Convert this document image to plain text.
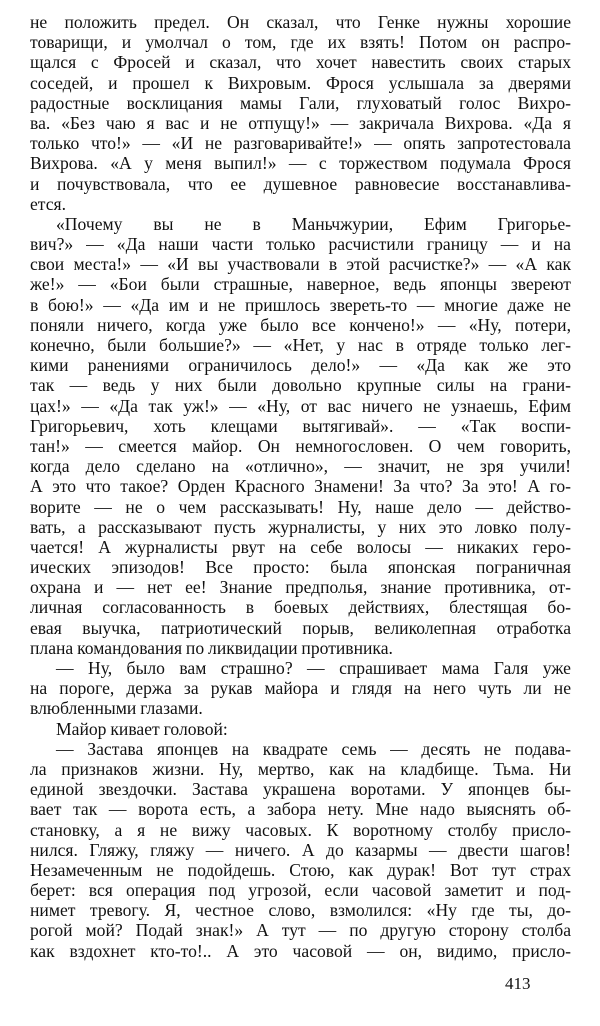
не положить предел. Он сказал, что Генке нужны хорошие
товарищи, и умолчал о том, где их взять! Потом он распро-
щался с Фросей и сказал, что хочет навестить своих старых
соседей, и прошел к Вихровым. Фрося услышала за дверями
радостные восклицания мамы Гали, глуховатый голос Вихро-
ва. «Без чаю я вас и не отпущу!» — закричала Вихрова. «Да я
только что!» — «И не разговаривайте!» — опять запротестовала
Вихрова. «А у меня выпил!» — с торжеством подумала Фрося
и почувствовала, что ее душевное равновесие восстанавлива-
ется.
«Почему вы не в Маньчжурии, Ефим Григорье-
вич?» — «Да наши части только расчистили границу — и на
свои места!» — «И вы участвовали в этой расчистке?» — «А как
же!» — «Бои были страшные, наверное, ведь японцы звереют
в бою!» — «Да им и не пришлось звереть-то — многие даже не
поняли ничего, когда уже было все кончено!» — «Ну, потери,
конечно, были большие?» — «Нет, у нас в отряде только лег-
кими ранениями ограничилось дело!» — «Да как же это
так — ведь у них были довольно крупные силы на грани-
цах!» — «Да так уж!» — «Ну, от вас ничего не узнаешь, Ефим
Григорьевич, хоть клещами вытягивай». — «Так воспи-
тан!» — смеется майор. Он немногословен. О чем говорить,
когда дело сделано на «отлично», — значит, не зря учили!
А это что такое? Орден Красного Знамени! За что? За это! А го-
ворите — не о чем рассказывать! Ну, наше дело — действо-
вать, а рассказывают пусть журналисты, у них это ловко полу-
чается! А журналисты рвут на себе волосы — никаких геро-
ических эпизодов! Все просто: была японская пограничная
охрана и — нет ее! Знание предполья, знание противника, от-
личная согласованность в боевых действиях, блестящая бо-
евая выучка, патриотический порыв, великолепная отработка
плана командования по ликвидации противника.
— Ну, было вам страшно? — спрашивает мама Галя уже
на пороге, держа за рукав майора и глядя на него чуть ли не
влюбленными глазами.
Майор кивает головой:
— Застава японцев на квадрате семь — десять не подава-
ла признаков жизни. Ну, мертво, как на кладбище. Тьма. Ни
единой звездочки. Застава украшена воротами. У японцев бы-
вает так — ворота есть, а забора нету. Мне надо выяснять об-
становку, а я не вижу часовых. К воротному столбу присло-
нился. Гляжу, гляжу — ничего. А до казармы — двести шагов!
Незамеченным не подойдешь. Стою, как дурак! Вот тут страх
берет: вся операция под угрозой, если часовой заметит и под-
нимет тревогу. Я, честное слово, взмолился: «Ну где ты, до-
рогой мой? Подай знак!» А тут — по другую сторону столба
как вздохнет кто-то!.. А это часовой — он, видимо, присло-
413
